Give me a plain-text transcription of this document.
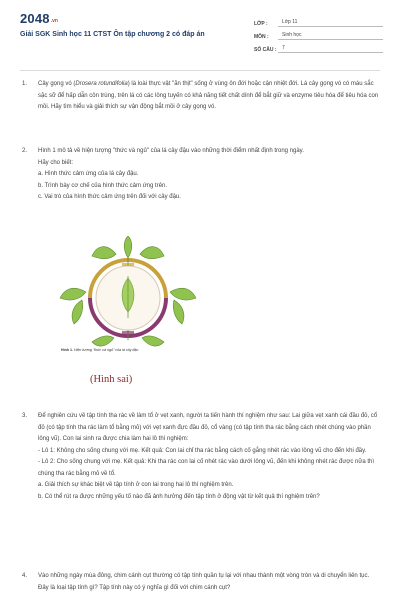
2048 .vn
Giải SGK Sinh học 11 CTST Ôn tập chương 2 có đáp án
LỚP :	Lớp 11
MÔN :	Sinh học
SỐ CÂU :	7
1.	Cây gọng vó (Drosera rotundifolia) là loài thực vật "ăn thịt" sống ở vùng ôn đới hoặc cận nhiệt đới. Lá cây gọng vó có màu sắc sặc sỡ để hấp dẫn côn trùng, trên lá có các lông tuyến có khả năng tiết chất dính để bắt giữ và enzyme tiêu hóa để tiêu hóa con mồi. Hãy tìm hiểu và giải thích sự vận động bắt mồi ở cây gọng vó.

2.	Hình 1 mô tả về hiện tượng "thức và ngủ" của lá cây đậu vào những thời điểm nhất định trong ngày.

Hãy cho biết:

a. Hình thức cảm ứng của lá cây đậu.

b. Trình bày cơ chế của hình thức cảm ứng trên.

c. Vai trò của hình thức cảm ứng trên đối với cây đậu.

Hình 1. Hiện tượng "thức và ngủ" của lá cây đậu
(Hình sai)
3.	Để nghiên cứu về tập tính tha rác về làm tổ ở vẹt xanh, người ta tiến hành thí nghiệm như sau: Lai giữa vẹt xanh cái đầu đỏ, cổ đỏ (có tập tính tha rác làm tổ bằng mỏ) với vẹt xanh đực đầu đỏ, cổ vàng (có tập tính tha rác bằng cách nhét chúng vào phần lông vũ). Con lai sinh ra được chia làm hai lô thí nghiệm:

- Lô 1: Không cho sống chung với mẹ. Kết quả: Con lai chỉ tha rác bằng cách cố gắng nhét rác vào lông vũ cho đến khi đầy.

- Lô 2: Cho sống chung với mẹ. Kết quả: Khi tha rác con lai cố nhét rác vào dưới lông vũ, đến khi không nhét rác được nữa thì chúng tha rác bằng mỏ về tổ.

a. Giải thích sự khác biệt về tập tính ở con lai trong hai lô thí nghiệm trên.

b. Có thể rút ra được những yếu tố nào đã ảnh hưởng đến tập tính ở động vật từ kết quả thí nghiệm trên?

4.	Vào những ngày mùa đông, chim cánh cụt thường có tập tính quần tụ lại với nhau thành một vòng tròn và di chuyển liên tục. Đây là loại tập tính gì? Tập tính này có ý nghĩa gì đối với chim cánh cụt?
